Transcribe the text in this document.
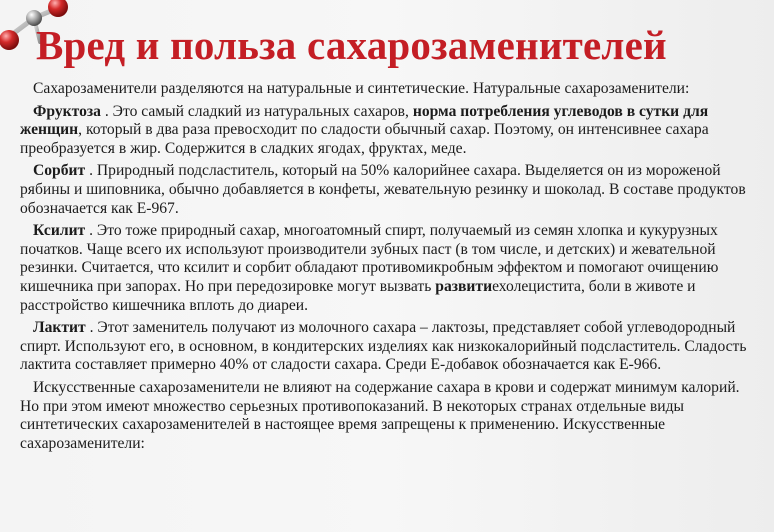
Вред и польза сахарозаменителей

Сахарозаменители разделяются на натуральные и синтетические. Натуральные сахарозаменители:

Фруктоза . Это самый сладкий из натуральных сахаров, норма потребления углеводов в сутки для женщин, который в два раза превосходит по сладости обычный сахар. Поэтому, он интенсивнее сахара преобразуется в жир. Содержится в сладких ягодах, фруктах, меде.

Сорбит . Природный подсластитель, который на 50% калорийнее сахара. Выделяется он из мороженой рябины и шиповника, обычно добавляется в конфеты, жевательную резинку и шоколад. В составе продуктов обозначается как Е-967.

Ксилит . Это тоже природный сахар, многоатомный спирт, получаемый из семян хлопка и кукурузных початков. Чаще всего их используют производители зубных паст (в том числе, и детских) и жевательной резинки. Считается, что ксилит и сорбит обладают противомикробным эффектом и помогают очищению кишечника при запорах. Но при передозировке могут вызвать развитиехолецистита, боли в животе и расстройство кишечника вплоть до диареи.

Лактит . Этот заменитель получают из молочного сахара – лактозы, представляет собой углеводородный спирт. Используют его, в основном, в кондитерских изделиях как низкокалорийный подсластитель. Сладость лактита составляет примерно 40% от сладости сахара. Среди Е-добавок обозначается как Е-966.

Искусственные сахарозаменители не влияют на содержание сахара в крови и содержат минимум калорий. Но при этом имеют множество серьезных противопоказаний. В некоторых странах отдельные виды синтетических сахарозаменителей в настоящее время запрещены к применению. Искусственные сахарозаменители:
